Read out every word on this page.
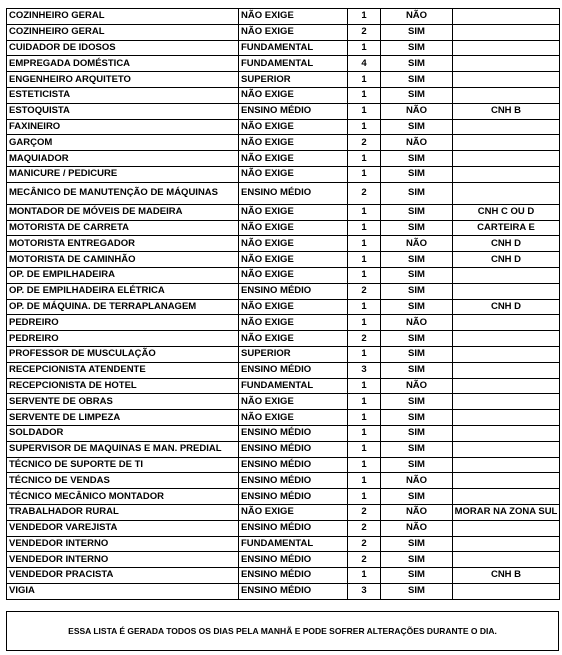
COZINHEIRO GERAL	NÃO EXIGE	1	NÃO	
COZINHEIRO GERAL	NÃO EXIGE	2	SIM	
CUIDADOR DE IDOSOS	FUNDAMENTAL	1	SIM	
EMPREGADA DOMÉSTICA	FUNDAMENTAL	4	SIM	
ENGENHEIRO ARQUITETO	SUPERIOR	1	SIM	
ESTETICISTA	NÃO EXIGE	1	SIM	
ESTOQUISTA	ENSINO MÉDIO	1	NÃO	CNH B
FAXINEIRO	NÃO EXIGE	1	SIM	
GARÇOM	NÃO EXIGE	2	NÃO	
MAQUIADOR	NÃO EXIGE	1	SIM	
MANICURE / PEDICURE	NÃO EXIGE	1	SIM	
MECÂNICO DE MANUTENÇÃO DE MÁQUINAS	ENSINO MÉDIO	2	SIM	
MONTADOR DE MÓVEIS DE MADEIRA	NÃO EXIGE	1	SIM	CNH C OU D
MOTORISTA DE CARRETA	NÃO EXIGE	1	SIM	CARTEIRA E
MOTORISTA ENTREGADOR	NÃO EXIGE	1	NÃO	CNH D
MOTORISTA DE CAMINHÃO	NÃO EXIGE	1	SIM	CNH D
OP. DE EMPILHADEIRA	NÃO EXIGE	1	SIM	
OP. DE EMPILHADEIRA ELÉTRICA	ENSINO MÉDIO	2	SIM	
OP. DE MÁQUINA. DE TERRAPLANAGEM	NÃO EXIGE	1	SIM	CNH D
PEDREIRO	NÃO EXIGE	1	NÃO	
PEDREIRO	NÃO EXIGE	2	SIM	
PROFESSOR DE MUSCULAÇÃO	SUPERIOR	1	SIM	
RECEPCIONISTA ATENDENTE	ENSINO MÉDIO	3	SIM	
RECEPCIONISTA DE HOTEL	FUNDAMENTAL	1	NÃO	
SERVENTE DE OBRAS	NÃO EXIGE	1	SIM	
SERVENTE DE LIMPEZA	NÃO EXIGE	1	SIM	
SOLDADOR	ENSINO MÉDIO	1	SIM	
SUPERVISOR DE MAQUINAS E MAN. PREDIAL	ENSINO MÉDIO	1	SIM	
TÉCNICO DE SUPORTE DE TI	ENSINO MÉDIO	1	SIM	
TÉCNICO DE VENDAS	ENSINO MÉDIO	1	NÃO	
TÉCNICO MECÂNICO MONTADOR	ENSINO MÉDIO	1	SIM	
TRABALHADOR RURAL	NÃO EXIGE	2	NÃO	MORAR NA ZONA SUL
VENDEDOR VAREJISTA	ENSINO MÉDIO	2	NÃO	
VENDEDOR INTERNO	FUNDAMENTAL	2	SIM	
VENDEDOR INTERNO	ENSINO MÉDIO	2	SIM	
VENDEDOR PRACISTA	ENSINO MÉDIO	1	SIM	CNH B
VIGIA	ENSINO MÉDIO	3	SIM	
ESSA LISTA É GERADA TODOS OS DIAS PELA MANHÃ E PODE SOFRER ALTERAÇÕES DURANTE O DIA.
